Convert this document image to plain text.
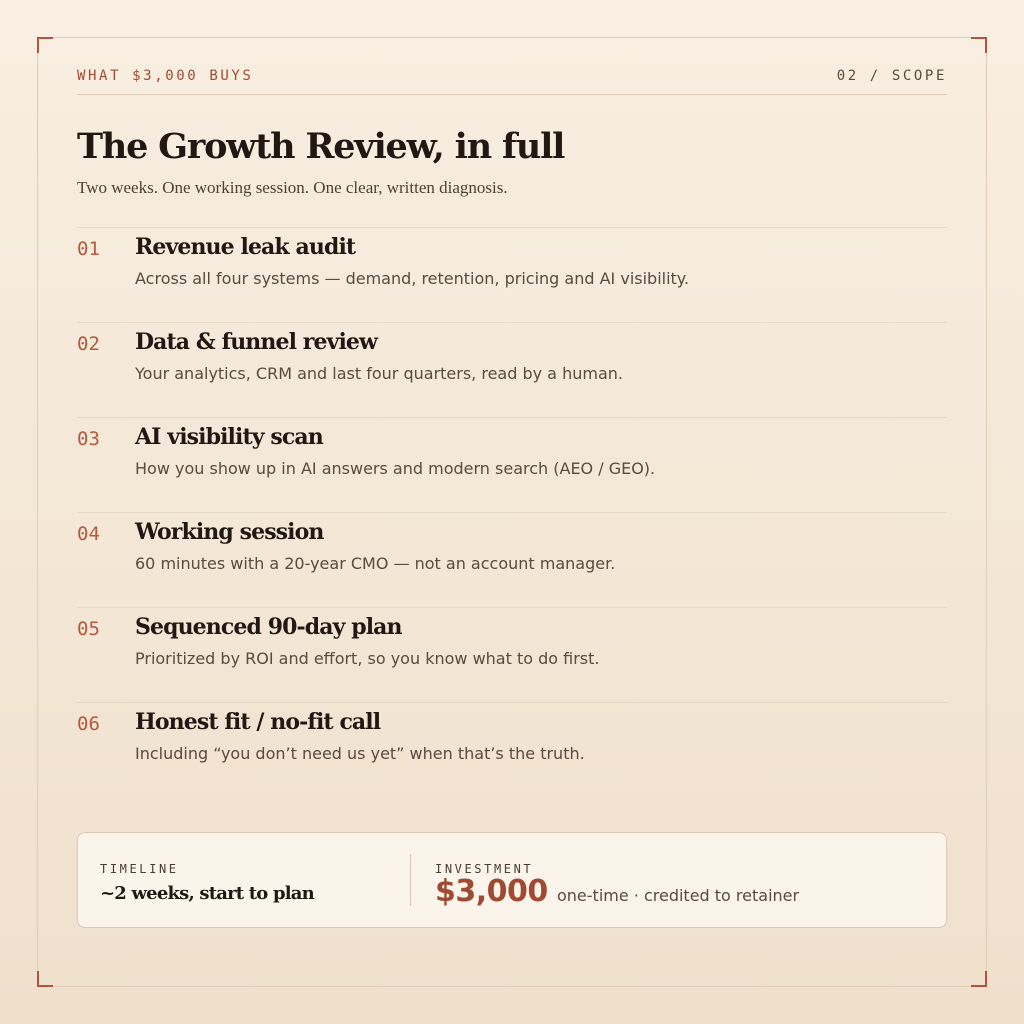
WHAT $3,000 BUYS	02 / SCOPE
The Growth Review, in full

Two weeks. One working session. One clear, written diagnosis.

01 Revenue leak audit
Across all four systems — demand, retention, pricing and AI visibility.
02 Data & funnel review
Your analytics, CRM and last four quarters, read by a human.
03 AI visibility scan
How you show up in AI answers and modern search (AEO / GEO).
04 Working session
60 minutes with a 20-year CMO — not an account manager.
05 Sequenced 90-day plan
Prioritized by ROI and effort, so you know what to do first.
06 Honest fit / no-fit call
Including “you don’t need us yet” when that’s the truth.
TIMELINE
~2 weeks, start to plan
INVESTMENT
$3,000 one-time · credited to retainer
